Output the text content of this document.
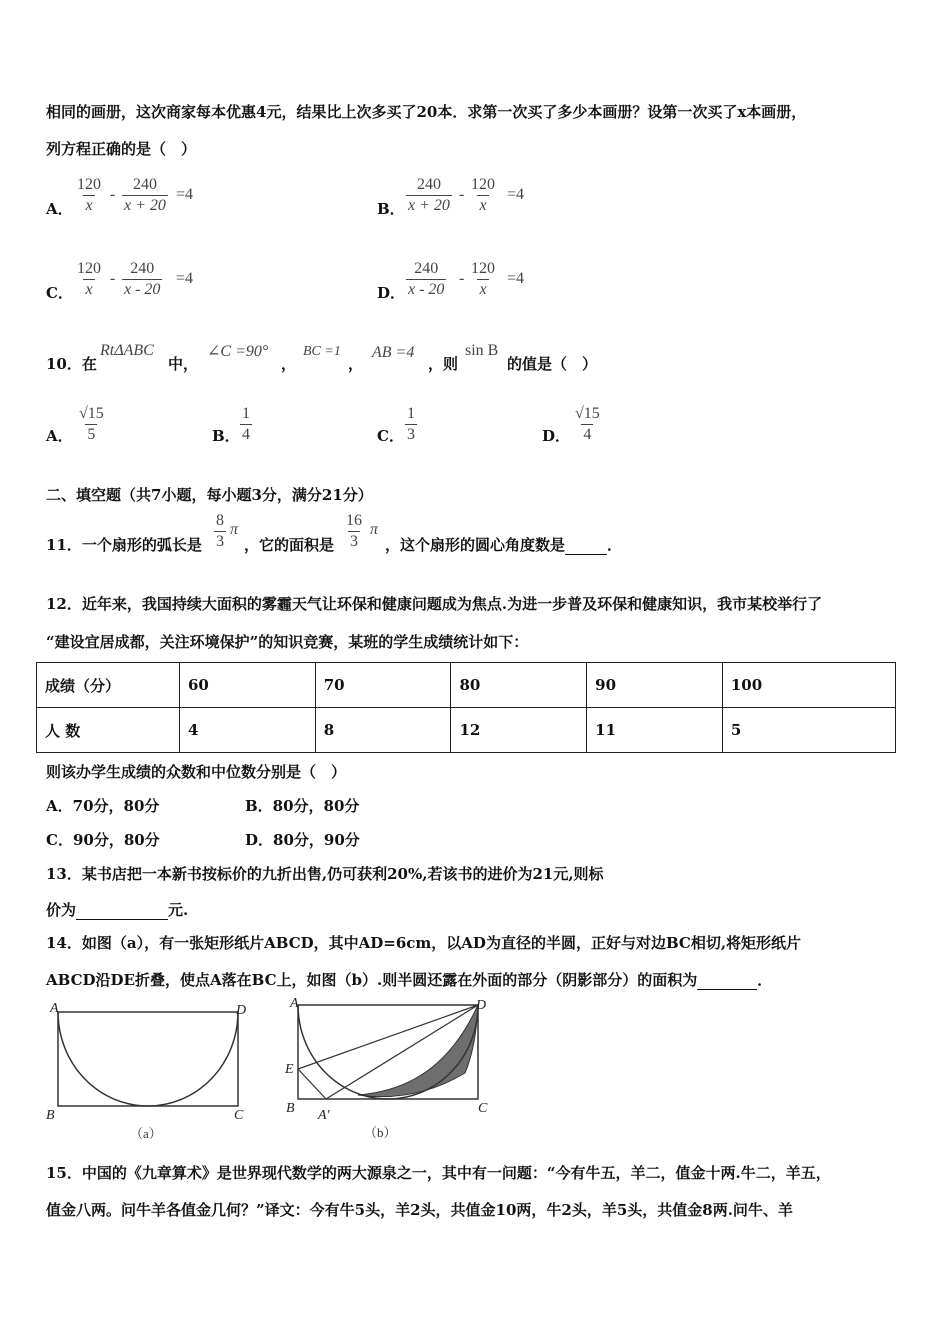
相同的画册，这次商家每本优惠4元，结果比上次多买了20本．求第一次买了多少本画册？设第一次买了x本画册，
列方程正确的是（　）
A． $\frac{120}{x} - \frac{240}{x + 20} =4$
B． $\frac{240}{x + 20} - \frac{120}{x} =4$
C． $\frac{120}{x} - \frac{240}{x - 20} =4$
D． $\frac{240}{x - 20} - \frac{120}{x} =4$
10．在
RtΔABC
中，
∠C =90°
，
BC =1
，
AB =4
，则
sin B
的值是（　）
A． $\frac{√15}{5}$	B． $\frac{1}{4}$	C． $\frac{1}{3}$	D． $\frac{√15}{4}$
二、填空题（共7小题，每小题3分，满分21分）
11．一个扇形的弧长是 $\frac{8}{3}$ π
，它的面积是 $\frac{16}{3}$ π
，这个扇形的圆心角度数是	．
12．近年来，我国持续大面积的雾霾天气让环保和健康问题成为焦点.为进一步普及环保和健康知识，我市某校举行了
“建设宜居成都，关注环境保护”的知识竞赛，某班的学生成绩统计如下：
成绩（分）	60	70	80	90	100
人 数	4	8	12	11	5
则该办学生成绩的众数和中位数分别是（　）
A．70分，80分	B．80分，80分
C．90分，80分	D．80分，90分
13．某书店把一本新书按标价的九折出售,仍可获利20%,若该书的进价为21元,则标
价为	元.
14．如图（a），有一张矩形纸片ABCD，其中AD=6cm，以AD为直径的半圆，正好与对边BC相切,将矩形纸片
ABCD沿DE折叠，使点A落在BC上，如图（b）.则半圆还露在外面的部分（阴影部分）的面积为	．
A	D
B	C
（a）
A	D
E
B A′	C
（b）
15．中国的《九章算术》是世界现代数学的两大源泉之一，其中有一问题：“今有牛五，羊二，值金十两.牛二，羊五，
值金八两。问牛羊各值金几何？”译文：今有牛5头，羊2头，共值金10两，牛2头，羊5头，共值金8两.问牛、羊
